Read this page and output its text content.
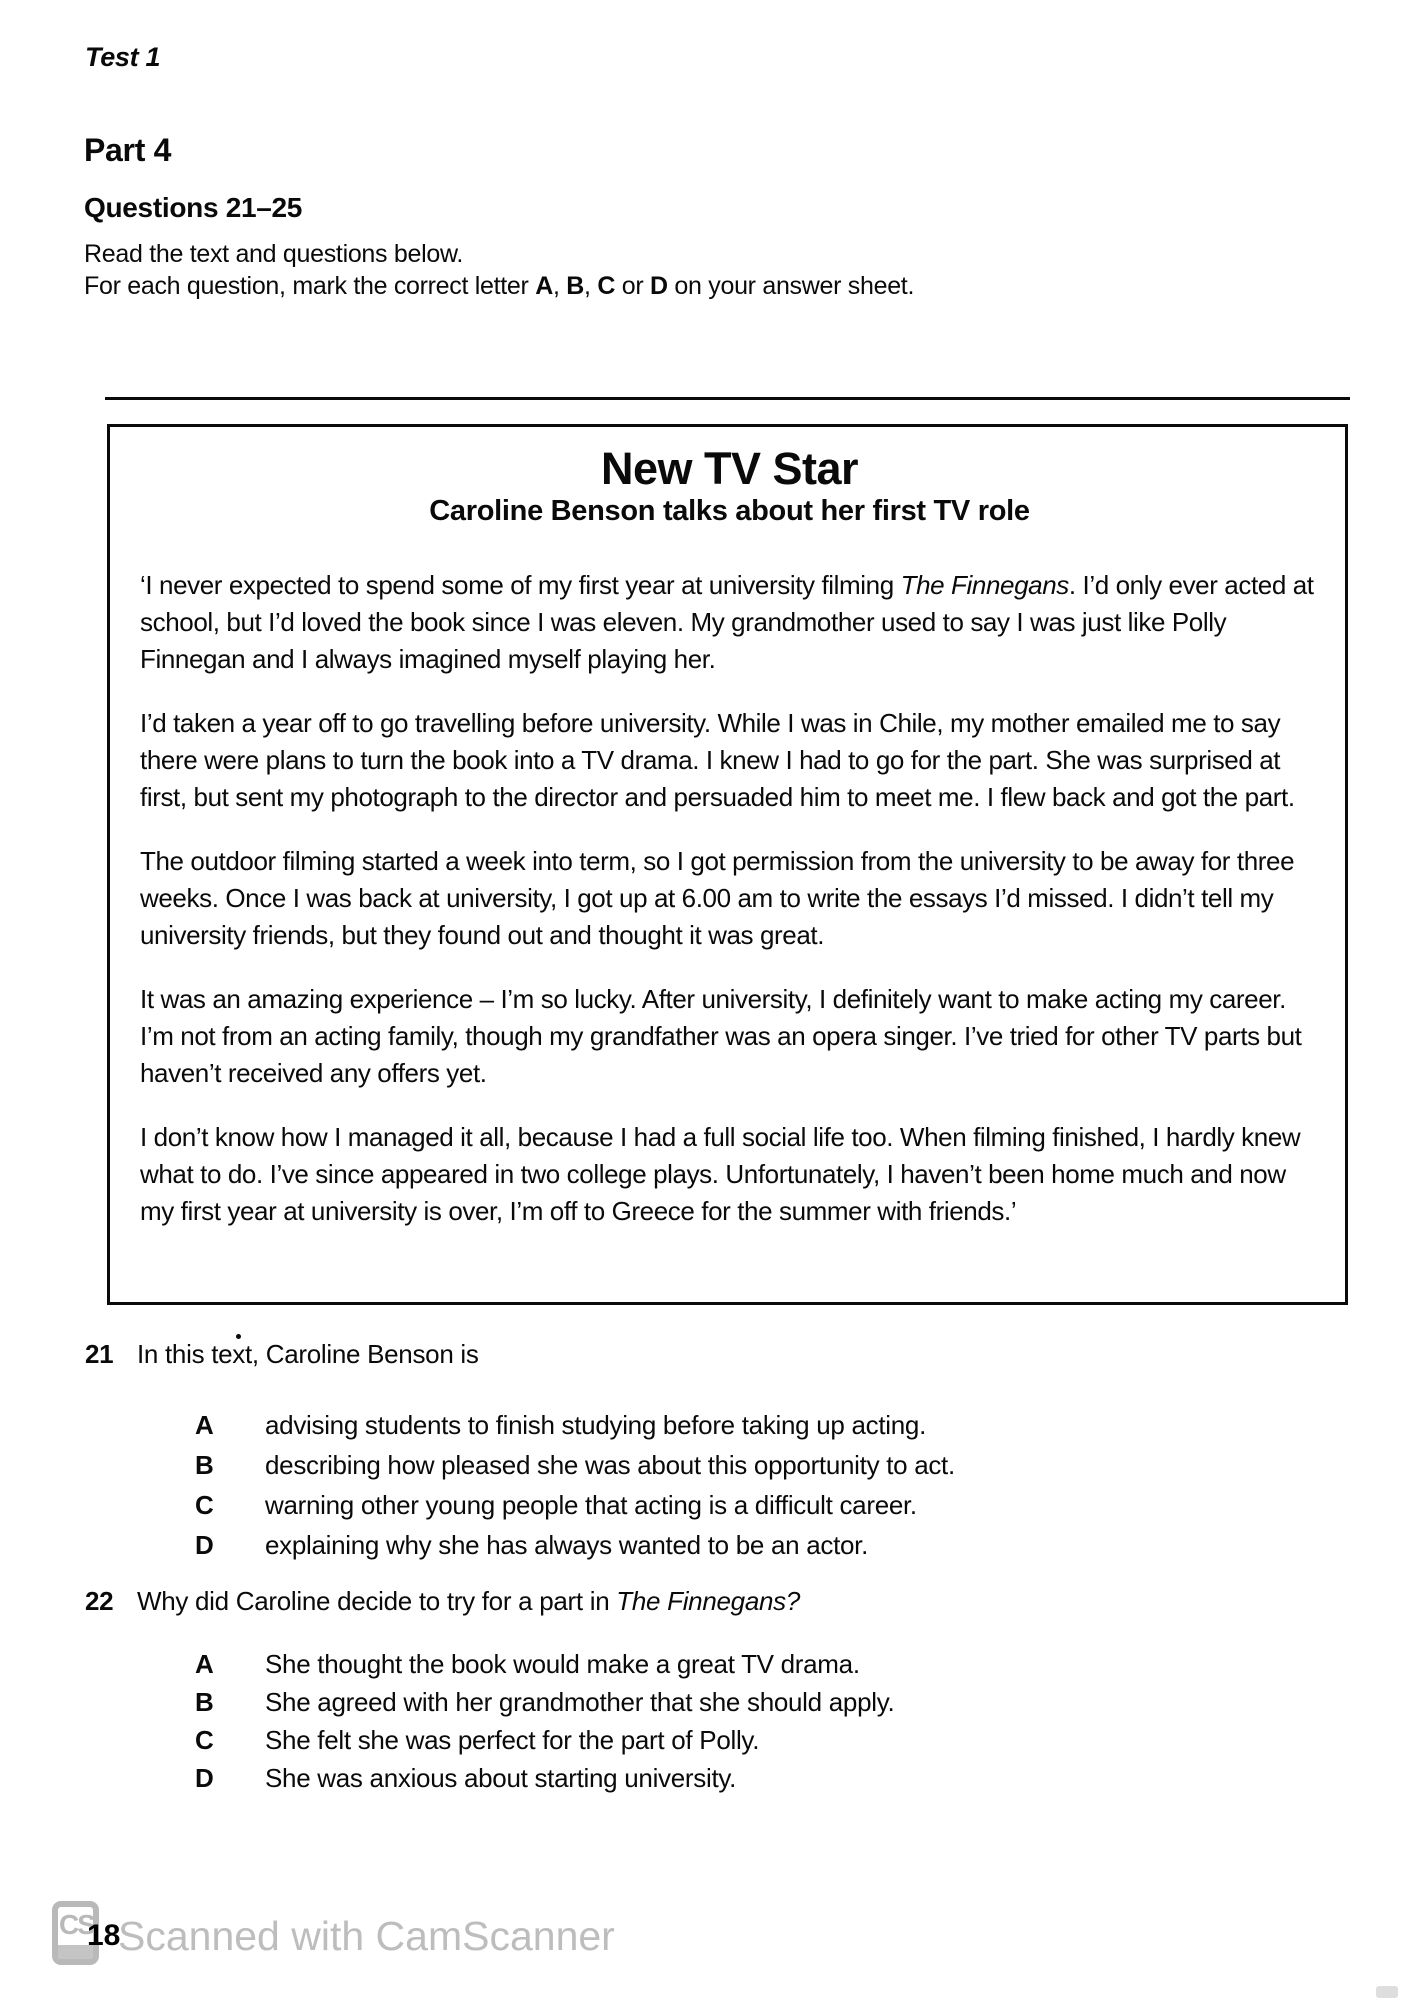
Test 1
Part 4
Questions 21–25
Read the text and questions below.
For each question, mark the correct letter A, B, C or D on your answer sheet.
New TV Star
Caroline Benson talks about her first TV role

‘I never expected to spend some of my first year at university filming The Finnegans. I’d only ever acted at school, but I’d loved the book since I was eleven. My grandmother used to say I was just like Polly Finnegan and I always imagined myself playing her.

I’d taken a year off to go travelling before university. While I was in Chile, my mother emailed me to say there were plans to turn the book into a TV drama. I knew I had to go for the part. She was surprised at first, but sent my photograph to the director and persuaded him to meet me. I flew back and got the part.

The outdoor filming started a week into term, so I got permission from the university to be away for three weeks. Once I was back at university, I got up at 6.00 am to write the essays I’d missed. I didn’t tell my university friends, but they found out and thought it was great.

It was an amazing experience – I’m so lucky. After university, I definitely want to make acting my career. I’m not from an acting family, though my grandfather was an opera singer. I’ve tried for other TV parts but haven’t received any offers yet.

I don’t know how I managed it all, because I had a full social life too. When filming finished, I hardly knew what to do. I’ve since appeared in two college plays. Unfortunately, I haven’t been home much and now my first year at university is over, I’m off to Greece for the summer with friends.’

21 In this text, Caroline Benson is
A	advising students to finish studying before taking up acting.
B	describing how pleased she was about this opportunity to act.
C	warning other young people that acting is a difficult career.
D	explaining why she has always wanted to be an actor.
22 Why did Caroline decide to try for a part in The Finnegans?
A	She thought the book would make a great TV drama.
B	She agreed with her grandmother that she should apply.
C	She felt she was perfect for the part of Polly.
D	She was anxious about starting university.
CS
18
Scanned with CamScanner
